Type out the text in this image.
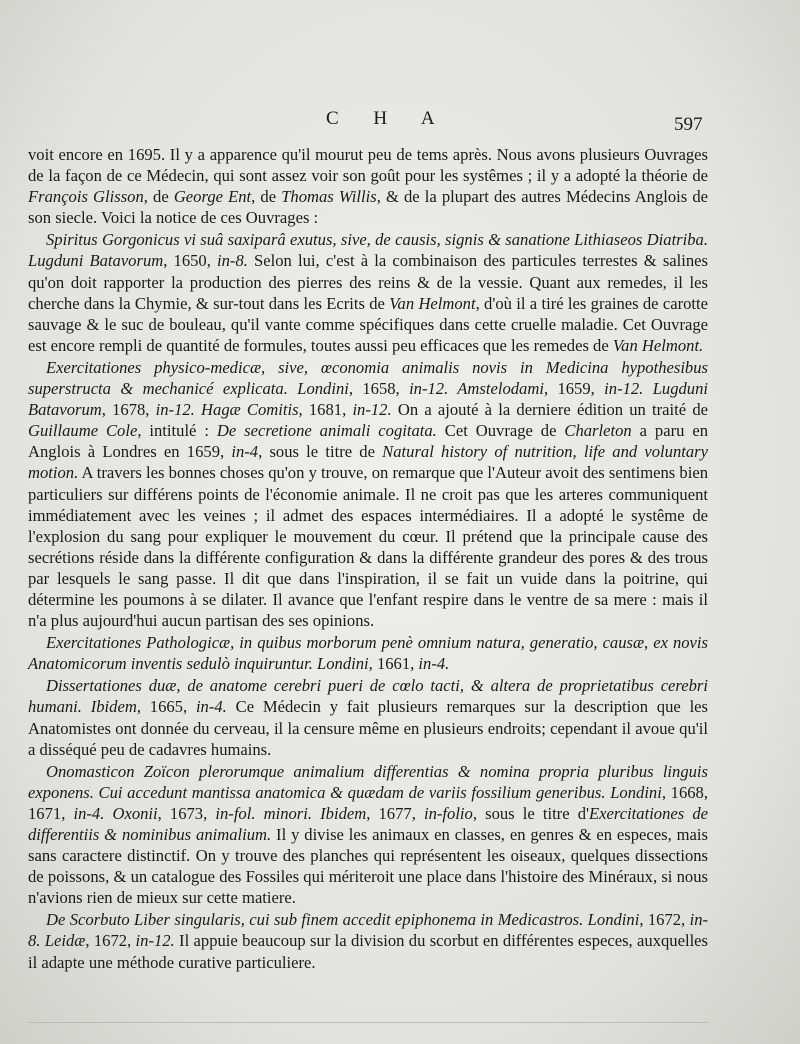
C H A	597

voit encore en 1695. Il y a apparence qu'il mourut peu de tems après. Nous avons plusieurs Ouvrages de la façon de ce Médecin, qui sont assez voir son goût pour les systêmes ; il y a adopté la théorie de François Glisson, de George Ent, de Thomas Willis, & de la plupart des autres Médecins Anglois de son siecle. Voici la notice de ces Ouvrages :

Spiritus Gorgonicus vi suâ saxiparâ exutus, sive, de causis, signis & sanatione Lithiaseos Diatriba. Lugduni Batavorum, 1650, in-8. Selon lui, c'est à la combinaison des particules terrestes & salines qu'on doit rapporter la production des pierres des reins & de la vessie. Quant aux remedes, il les cherche dans la Chymie, & sur-tout dans les Ecrits de Van Helmont, d'où il a tiré les graines de carotte sauvage & le suc de bouleau, qu'il vante comme spécifiques dans cette cruelle maladie. Cet Ouvrage est encore rempli de quantité de formules, toutes aussi peu efficaces que les remedes de Van Helmont.

Exercitationes physico-medicæ, sive, œconomia animalis novis in Medicina hypothesibus superstructa & mechanicé explicata. Londini, 1658, in-12. Amstelodami, 1659, in-12. Lugduni Batavorum, 1678, in-12. Hagæ Comitis, 1681, in-12. On a ajouté à la derniere édition un traité de Guillaume Cole, intitulé : De secretione animali cogitata. Cet Ouvrage de Charleton a paru en Anglois à Londres en 1659, in-4, sous le titre de Natural history of nutrition, life and voluntary motion. A travers les bonnes choses qu'on y trouve, on remarque que l'Auteur avoit des sentimens bien particuliers sur différens points de l'économie animale. Il ne croit pas que les arteres communiquent immédiatement avec les veines ; il admet des espaces intermédiaires. Il a adopté le systême de l'explosion du sang pour expliquer le mouvement du cœur. Il prétend que la principale cause des secrétions réside dans la différente configuration & dans la différente grandeur des pores & des trous par lesquels le sang passe. Il dit que dans l'inspiration, il se fait un vuide dans la poitrine, qui détermine les poumons à se dilater. Il avance que l'enfant respire dans le ventre de sa mere : mais il n'a plus aujourd'hui aucun partisan des ses opinions.

Exercitationes Pathologicæ, in quibus morborum penè omnium natura, generatio, causæ, ex novis Anatomicorum inventis sedulò inquiruntur. Londini, 1661, in-4.

Dissertationes duæ, de anatome cerebri pueri de cœlo tacti, & altera de proprietatibus cerebri humani. Ibidem, 1665, in-4. Ce Médecin y fait plusieurs remarques sur la description que les Anatomistes ont donnée du cerveau, il la censure même en plusieurs endroits; cependant il avoue qu'il a disséqué peu de cadavres humains.

Onomasticon Zoïcon plerorumque animalium differentias & nomina propria pluribus linguis exponens. Cui accedunt mantissa anatomica & quædam de variis fossilium generibus. Londini, 1668, 1671, in-4. Oxonii, 1673, in-fol. minori. Ibidem, 1677, in-folio, sous le titre d'Exercitationes de differentiis & nominibus animalium. Il y divise les animaux en classes, en genres & en especes, mais sans caractere distinctif. On y trouve des planches qui représentent les oiseaux, quelques dissections de poissons, & un catalogue des Fossiles qui mériteroit une place dans l'histoire des Minéraux, si nous n'avions rien de mieux sur cette matiere.

De Scorbuto Liber singularis, cui sub finem accedit epiphonema in Medicastros. Londini, 1672, in-8. Leidæ, 1672, in-12. Il appuie beaucoup sur la division du scorbut en différentes especes, auxquelles il adapte une méthode curative particuliere.
